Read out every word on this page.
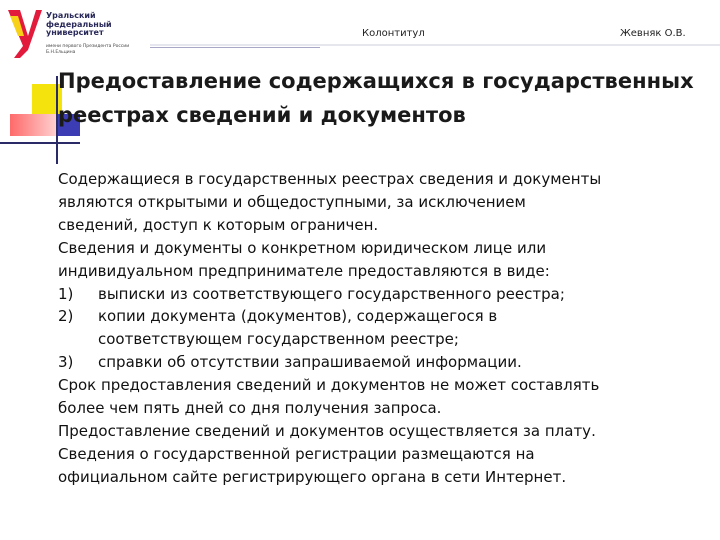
Уральский
федеральный
университет
имени первого Президента России Б.Н.Ельцина
Колонтитул	Жевняк О.В.
Предоставление содержащихся в государственных реестрах сведений и документов
Содержащиеся в государственных реестрах сведения и документы
являются открытыми и общедоступными, за исключением
сведений, доступ к которым ограничен.
Сведения и документы о конкретном юридическом лице или
индивидуальном предпринимателе предоставляются в виде:
1)	выписки из соответствующего государственного реестра;
2)	копии документа (документов), содержащегося в
соответствующем государственном реестре;
3)	справки об отсутствии запрашиваемой информации.
Срок предоставления сведений и документов не может составлять
более чем пять дней со дня получения запроса.
Предоставление сведений и документов осуществляется за плату.
Сведения о государственной регистрации размещаются на
официальном сайте регистрирующего органа в сети Интернет.
